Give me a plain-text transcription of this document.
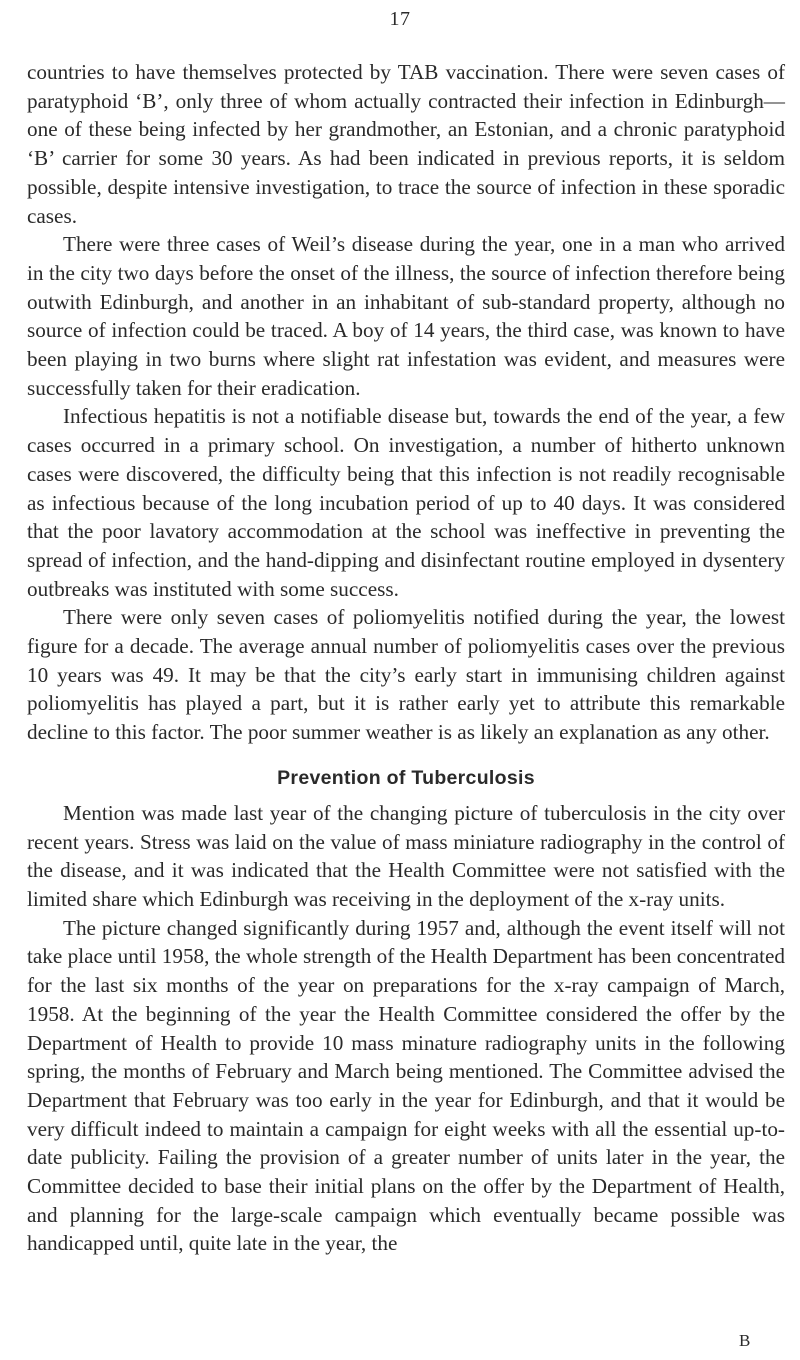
17

countries to have themselves protected by TAB vaccination. There were seven cases of paratyphoid ‘B’, only three of whom actually contracted their infection in Edinburgh—one of these being infected by her grandmother, an Estonian, and a chronic paratyphoid ‘B’ carrier for some 30 years. As had been indicated in previous reports, it is seldom possible, despite intensive investigation, to trace the source of infection in these sporadic cases.

There were three cases of Weil’s disease during the year, one in a man who arrived in the city two days before the onset of the illness, the source of infection therefore being outwith Edinburgh, and another in an inhabitant of sub-standard property, although no source of infection could be traced. A boy of 14 years, the third case, was known to have been playing in two burns where slight rat infestation was evident, and measures were successfully taken for their eradication.

Infectious hepatitis is not a notifiable disease but, towards the end of the year, a few cases occurred in a primary school. On investigation, a number of hitherto unknown cases were discovered, the difficulty being that this infection is not readily recognisable as infectious because of the long incubation period of up to 40 days. It was considered that the poor lavatory accommodation at the school was ineffective in preventing the spread of infection, and the hand-dipping and disinfectant routine employed in dysentery outbreaks was instituted with some success.

There were only seven cases of poliomyelitis notified during the year, the lowest figure for a decade. The average annual number of poliomyelitis cases over the previous 10 years was 49. It may be that the city’s early start in immunising children against poliomyelitis has played a part, but it is rather early yet to attribute this remarkable decline to this factor. The poor summer weather is as likely an explanation as any other.

Prevention of Tuberculosis

Mention was made last year of the changing picture of tuberculosis in the city over recent years. Stress was laid on the value of mass miniature radiography in the control of the disease, and it was indicated that the Health Committee were not satisfied with the limited share which Edinburgh was receiving in the deployment of the x-ray units.

The picture changed significantly during 1957 and, although the event itself will not take place until 1958, the whole strength of the Health Department has been concentrated for the last six months of the year on preparations for the x-ray campaign of March, 1958. At the beginning of the year the Health Committee considered the offer by the Department of Health to provide 10 mass minature radiography units in the following spring, the months of February and March being mentioned. The Committee advised the Department that February was too early in the year for Edinburgh, and that it would be very difficult indeed to maintain a campaign for eight weeks with all the essential up-to-date publicity. Failing the provision of a greater number of units later in the year, the Committee decided to base their initial plans on the offer by the Department of Health, and planning for the large-scale campaign which eventually became possible was handicapped until, quite late in the year, the

B
